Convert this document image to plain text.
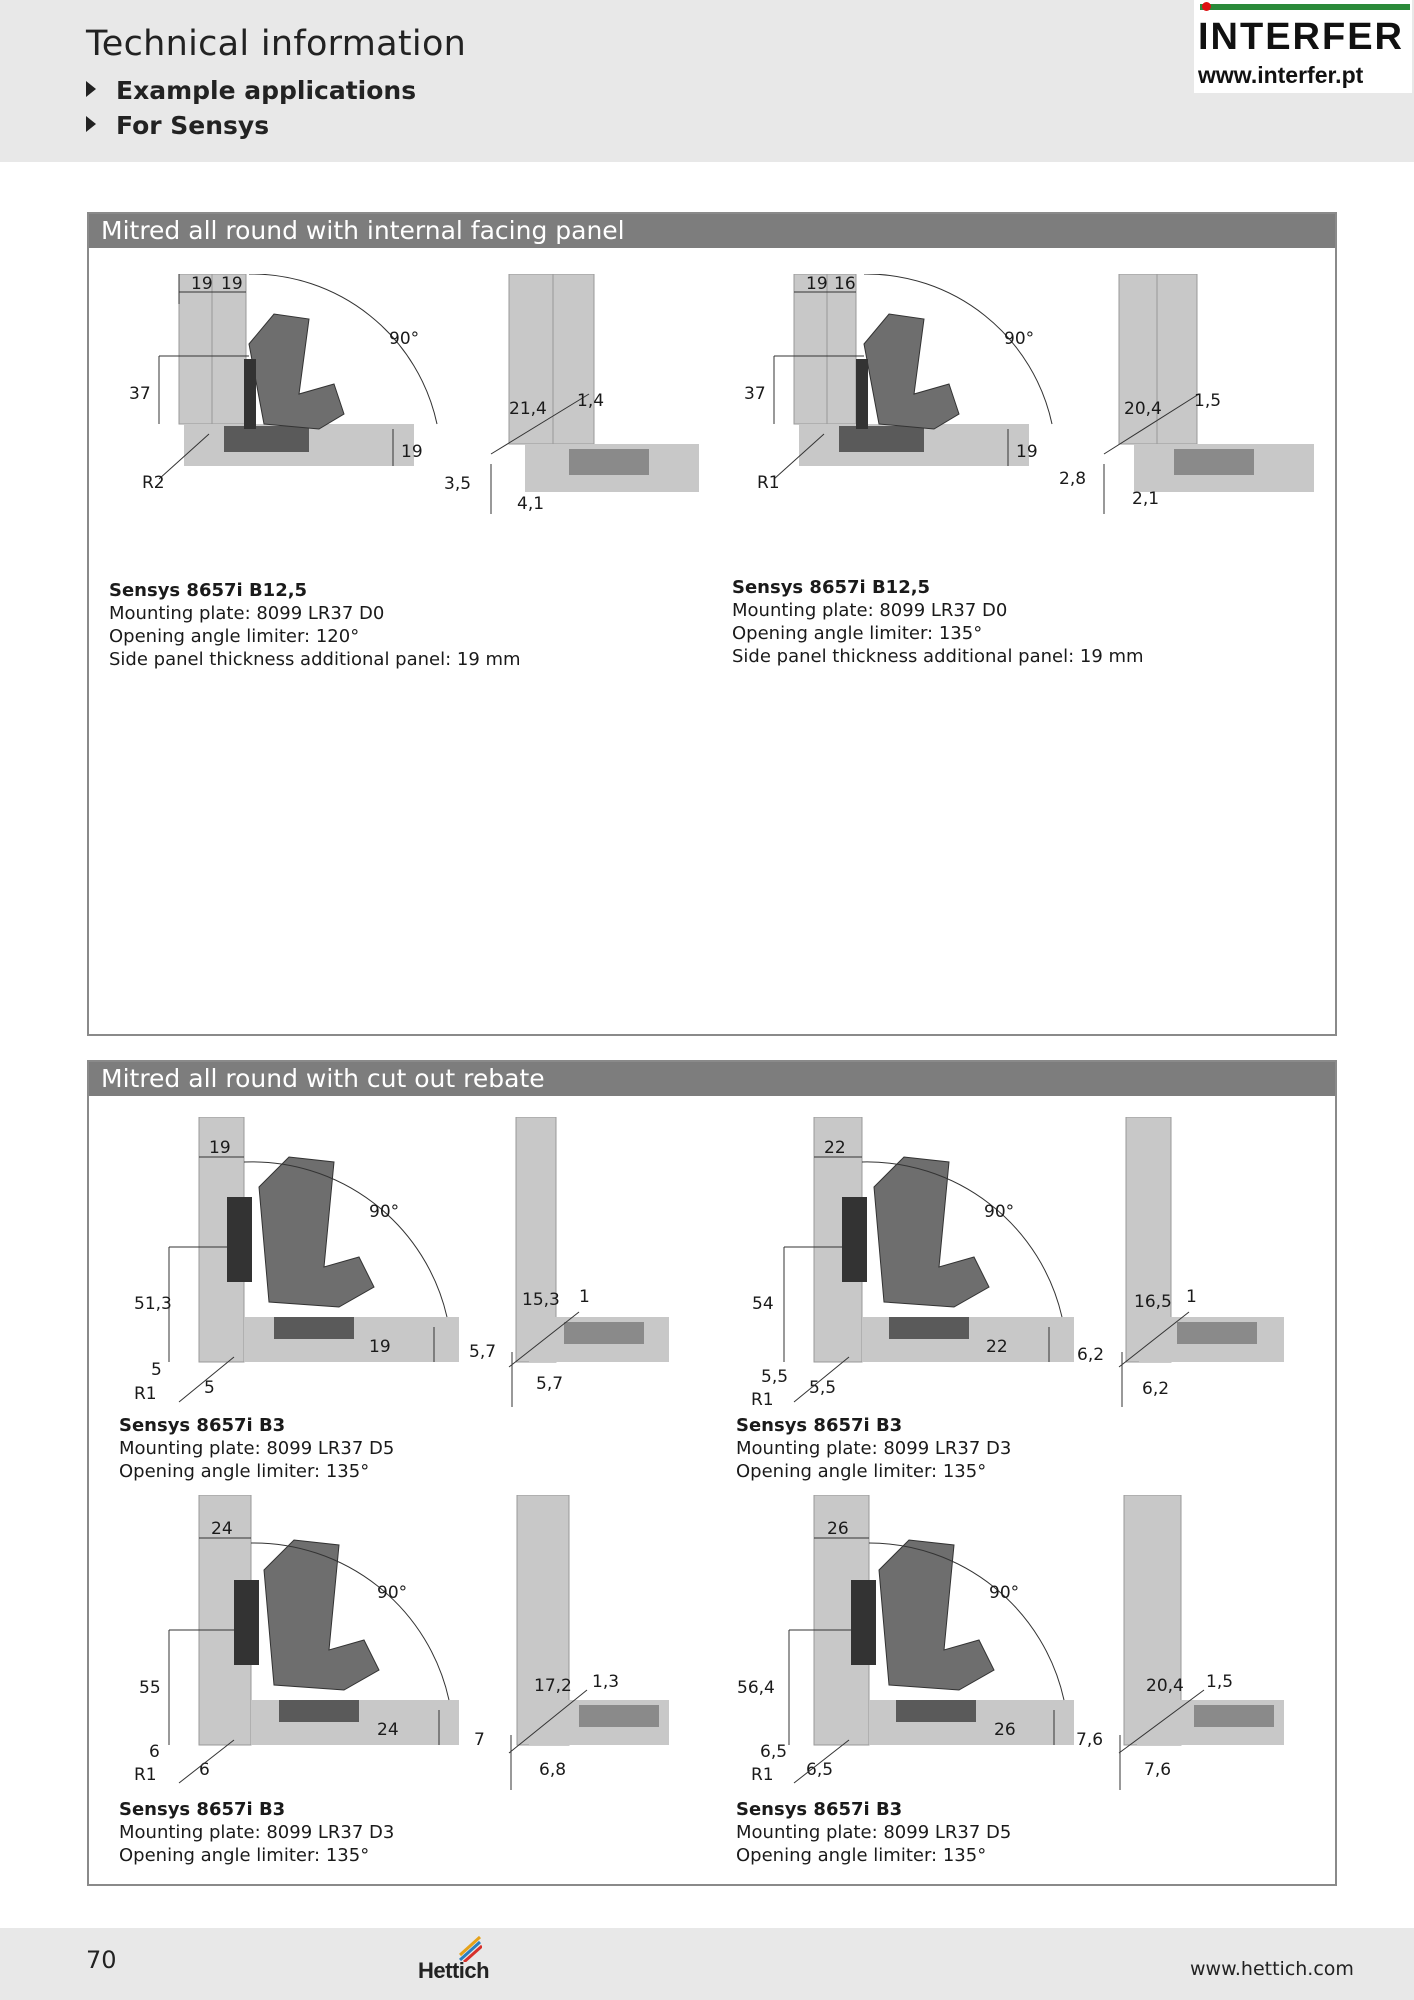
Technical information
Example applications
For Sensys
INTERFER
www.interfer.pt
Mitred all round with internal facing panel
19 19
90°
37
19
R2
21,4 1,4
3,5
4,1
Sensys 8657i B12,5
Mounting plate: 8099 LR37 D0
Opening angle limiter: 120°
Side panel thickness additional panel: 19 mm
19 16
90°
37
19
R1
20,4 1,5
2,8
2,1
Sensys 8657i B12,5
Mounting plate: 8099 LR37 D0
Opening angle limiter: 135°
Side panel thickness additional panel: 19 mm
Mitred all round with cut out rebate
19
90°
51,3
19
5
R1	5
15,3 1
5,7
5,7
Sensys 8657i B3
Mounting plate: 8099 LR37 D5
Opening angle limiter: 135°
22
90°
54
22
5,5
R1
5,5
16,5 1
6,2
6,2
Sensys 8657i B3
Mounting plate: 8099 LR37 D3
Opening angle limiter: 135°
24
90°
55
24
6
R1 6
17,2 1,3
7
6,8
Sensys 8657i B3
Mounting plate: 8099 LR37 D3
Opening angle limiter: 135°
26
90°
56,4
26
6,5
R1 6,5
20,4 1,5
7,6
7,6
Sensys 8657i B3
Mounting plate: 8099 LR37 D5
Opening angle limiter: 135°
70	Hettich	www.hettich.com
